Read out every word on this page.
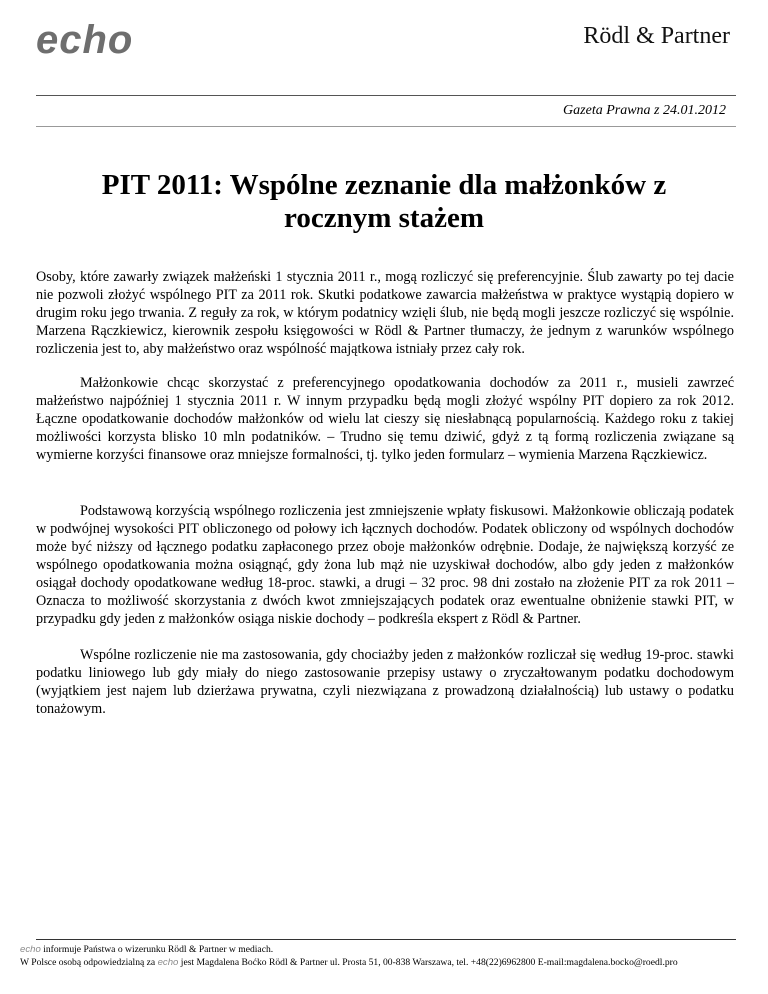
echo	Rödl & Partner
Gazeta Prawna z 24.01.2012
PIT 2011: Wspólne zeznanie dla małżonków z rocznym stażem

Osoby, które zawarły związek małżeński 1 stycznia 2011 r., mogą rozliczyć się preferencyjnie. Ślub zawarty po tej dacie nie pozwoli złożyć wspólnego PIT za 2011 rok. Skutki podatkowe zawarcia małżeństwa w praktyce wystąpią dopiero w drugim roku jego trwania. Z reguły za rok, w którym podatnicy wzięli ślub, nie będą mogli jeszcze rozliczyć się wspólnie. Marzena Rączkiewicz, kierownik zespołu księgowości w Rödl & Partner tłumaczy, że jednym z warunków wspólnego rozliczenia jest to, aby małżeństwo oraz wspólność majątkowa istniały przez cały rok.

Małżonkowie chcąc skorzystać z preferencyjnego opodatkowania dochodów za 2011 r., musieli zawrzeć małżeństwo najpóźniej 1 stycznia 2011 r. W innym przypadku będą mogli złożyć wspólny PIT dopiero za rok 2012. Łączne opodatkowanie dochodów małżonków od wielu lat cieszy się niesłabnącą popularnością. Każdego roku z takiej możliwości korzysta blisko 10 mln podatników. – Trudno się temu dziwić, gdyż z tą formą rozliczenia związane są wymierne korzyści finansowe oraz mniejsze formalności, tj. tylko jeden formularz – wymienia Marzena Rączkiewicz.

Podstawową korzyścią wspólnego rozliczenia jest zmniejszenie wpłaty fiskusowi. Małżonkowie obliczają podatek w podwójnej wysokości PIT obliczonego od połowy ich łącznych dochodów. Podatek obliczony od wspólnych dochodów może być niższy od łącznego podatku zapłaconego przez oboje małżonków odrębnie. Dodaje, że największą korzyść ze wspólnego opodatkowania można osiągnąć, gdy żona lub mąż nie uzyskiwał dochodów, albo gdy jeden z małżonków osiągał dochody opodatkowane według 18-proc. stawki, a drugi – 32 proc. 98 dni zostało na złożenie PIT za rok 2011 – Oznacza to możliwość skorzystania z dwóch kwot zmniejszających podatek oraz ewentualne obniżenie stawki PIT, w przypadku gdy jeden z małżonków osiąga niskie dochody – podkreśla ekspert z Rödl & Partner.

Wspólne rozliczenie nie ma zastosowania, gdy chociażby jeden z małżonków rozliczał się według 19-proc. stawki podatku liniowego lub gdy miały do niego zastosowanie przepisy ustawy o zryczałtowanym podatku dochodowym (wyjątkiem jest najem lub dzierżawa prywatna, czyli niezwiązana z prowadzoną działalnością) lub ustawy o podatku tonażowym.

echo informuje Państwa o wizerunku Rödl & Partner w mediach.
W Polsce osobą odpowiedzialną za echo jest Magdalena Boćko Rödl & Partner ul. Prosta 51, 00-838 Warszawa, tel. +48(22)6962800 E-mail:magdalena.bocko@roedl.pro
